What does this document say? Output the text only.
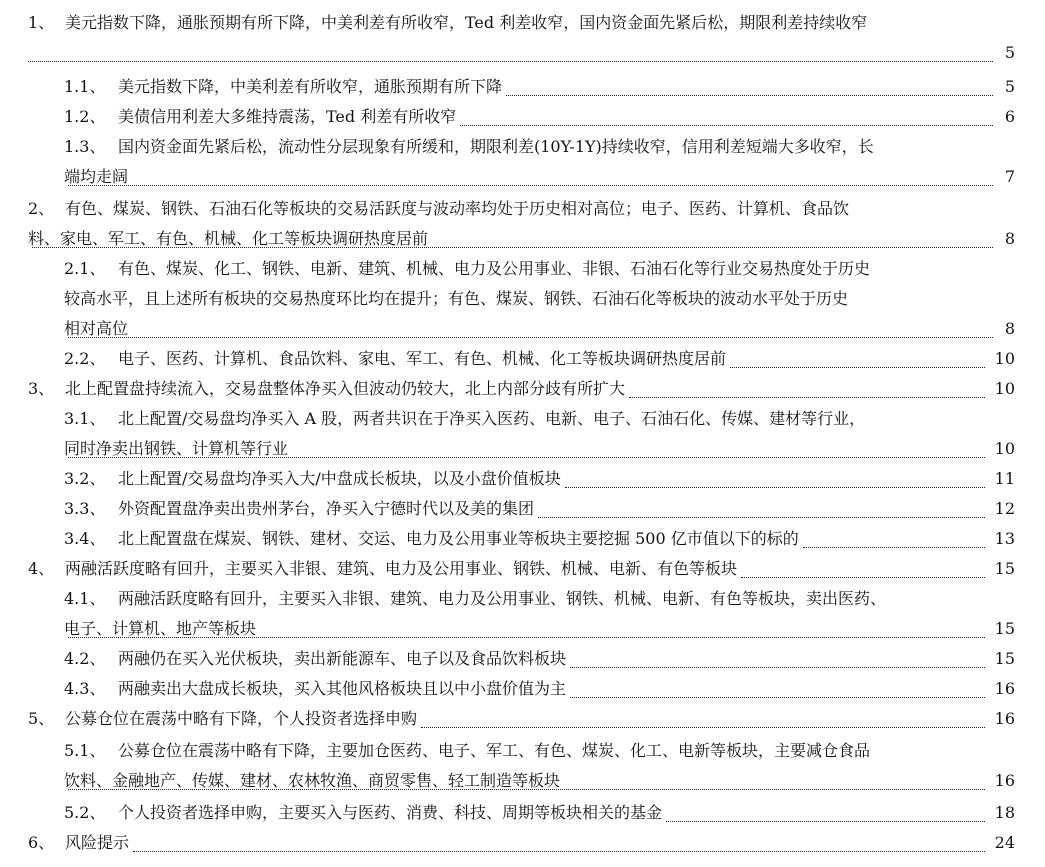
1、 美元指数下降，通胀预期有所下降，中美利差有所收窄，Ted 利差收窄，国内资金面先紧后松，期限利差持续收窄
5
1.1、 美元指数下降，中美利差有所收窄，通胀预期有所下降	5
1.2、 美债信用利差大多维持震荡，Ted 利差有所收窄	6
1.3、 国内资金面先紧后松，流动性分层现象有所缓和，期限利差(10Y-1Y)持续收窄，信用利差短端大多收窄，长
端均走阔	7
2、 有色、煤炭、钢铁、石油石化等板块的交易活跃度与波动率均处于历史相对高位；电子、医药、计算机、食品饮
料、家电、军工、有色、机械、化工等板块调研热度居前	8
2.1、 有色、煤炭、化工、钢铁、电新、建筑、机械、电力及公用事业、非银、石油石化等行业交易热度处于历史
较高水平，且上述所有板块的交易热度环比均在提升；有色、煤炭、钢铁、石油石化等板块的波动水平处于历史
相对高位	8
2.2、 电子、医药、计算机、食品饮料、家电、军工、有色、机械、化工等板块调研热度居前	10
3、 北上配置盘持续流入，交易盘整体净买入但波动仍较大，北上内部分歧有所扩大	10
3.1、 北上配置/交易盘均净买入 A 股，两者共识在于净买入医药、电新、电子、石油石化、传媒、建材等行业，
同时净卖出钢铁、计算机等行业	10
3.2、 北上配置/交易盘均净买入大/中盘成长板块，以及小盘价值板块	11
3.3、 外资配置盘净卖出贵州茅台，净买入宁德时代以及美的集团	12
3.4、 北上配置盘在煤炭、钢铁、建材、交运、电力及公用事业等板块主要挖掘 500 亿市值以下的标的	13
4、 两融活跃度略有回升，主要买入非银、建筑、电力及公用事业、钢铁、机械、电新、有色等板块	15
4.1、 两融活跃度略有回升，主要买入非银、建筑、电力及公用事业、钢铁、机械、电新、有色等板块，卖出医药、
电子、计算机、地产等板块	15
4.2、 两融仍在买入光伏板块，卖出新能源车、电子以及食品饮料板块	15
4.3、 两融卖出大盘成长板块，买入其他风格板块且以中小盘价值为主	16
5、 公募仓位在震荡中略有下降，个人投资者选择申购	16
5.1、 公募仓位在震荡中略有下降，主要加仓医药、电子、军工、有色、煤炭、化工、电新等板块，主要减仓食品
饮料、金融地产、传媒、建材、农林牧渔、商贸零售、轻工制造等板块	16
5.2、 个人投资者选择申购，主要买入与医药、消费、科技、周期等板块相关的基金	18
6、 风险提示	24
